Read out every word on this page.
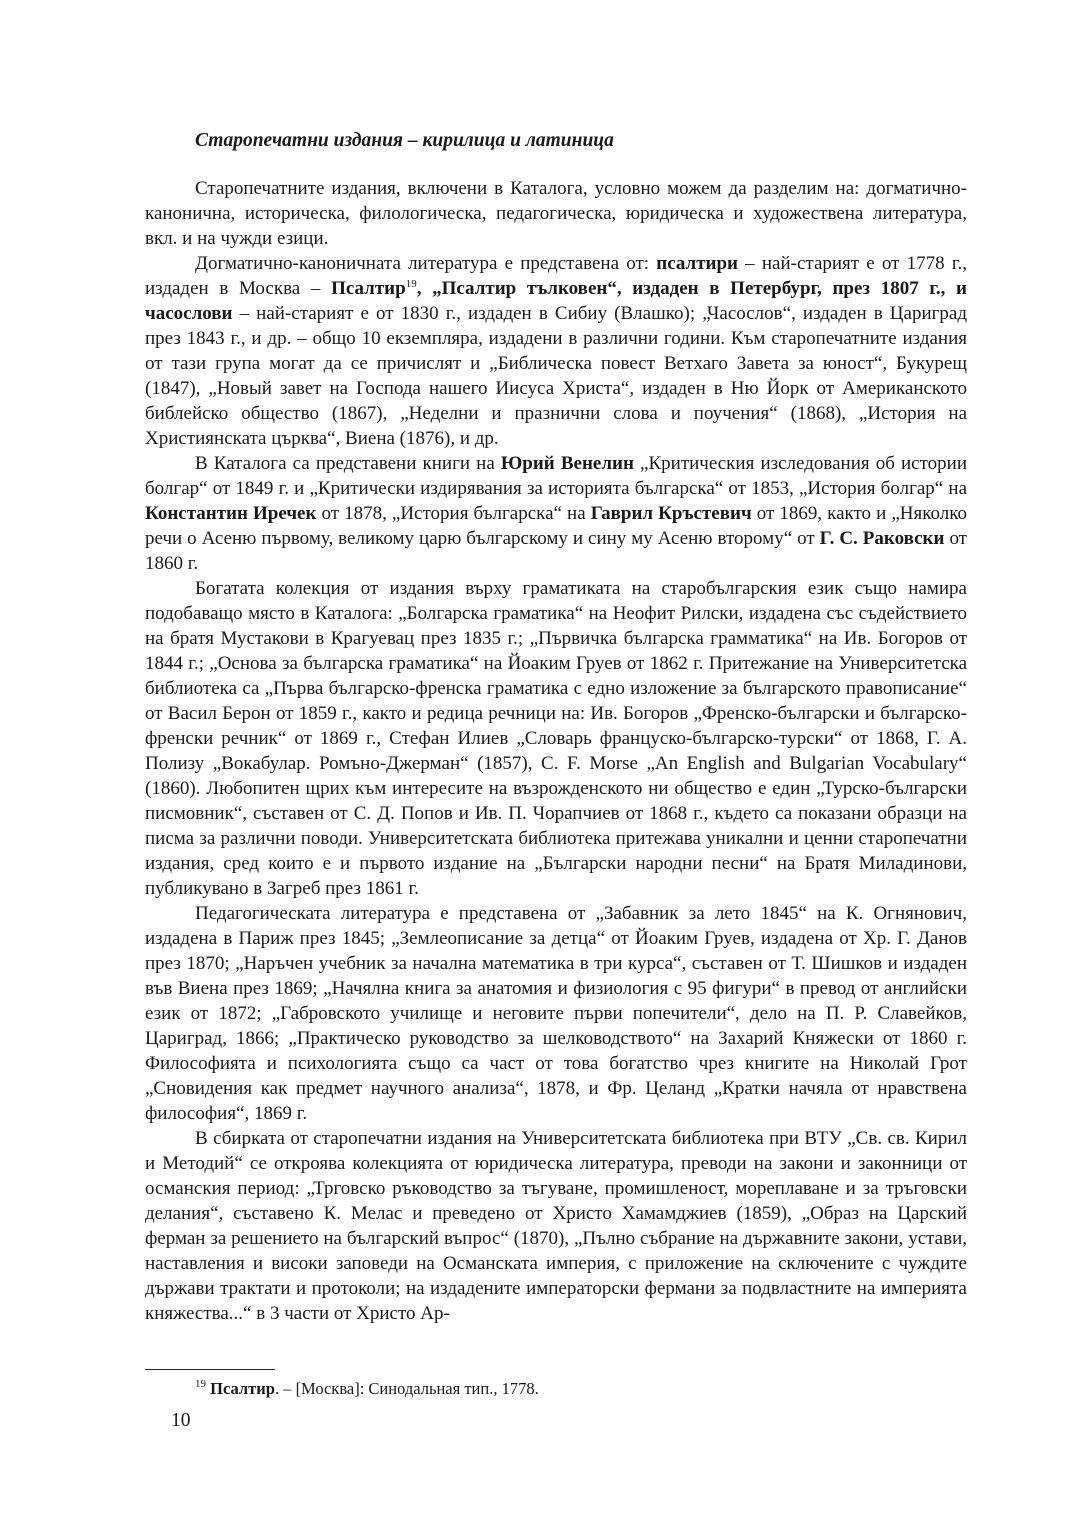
Старопечатни издания – кирилица и латиница

Старопечатните издания, включени в Каталога, условно можем да разделим на: догматично-канонична, историческа, филологическа, педагогическа, юридическа и художествена литература, вкл. и на чужди езици.

Догматично-каноничната литература е представена от: псалтири – най-старият е от 1778 г., издаден в Москва – Псалтир$^{19}$, „Псалтир тълковен“, издаден в Петербург, през 1807 г., и часослови – най-старият е от 1830 г., издаден в Сибиу (Влашко); „Часослов“, издаден в Цариград през 1843 г., и др. – общо 10 екземпляра, издадени в различни години. Към старопечатните издания от тази група могат да се причислят и „Библическа повест Ветхаго Завета за юност“, Букурещ (1847), „Новый завет на Господа нашего Иисуса Христа“, издаден в Ню Йорк от Американското библейско общество (1867), „Неделни и празнични слова и поучения“ (1868), „История на Християнската църква“, Виена (1876), и др.

В Каталога са представени книги на Юрий Венелин „Критическия изследования об истории болгар“ от 1849 г. и „Критически издирявания за историята българска“ от 1853, „История болгар“ на Константин Иречек от 1878, „История българска“ на Гаврил Кръстевич от 1869, както и „Няколко речи о Асеню първому, великому царю българскому и сину му Асеню второму“ от Г. С. Раковски от 1860 г.

Богатата колекция от издания върху граматиката на старобългарския език също намира подобаващо място в Каталога: „Болгарска граматика“ на Неофит Рилски, издадена със съдействието на братя Мустакови в Крагуевац през 1835 г.; „Първичка българска грамматика“ на Ив. Богоров от 1844 г.; „Основа за българска граматика“ на Йоаким Груев от 1862 г. Притежание на Университетска библиотека са „Първа българско-френска граматика с едно изложение за българското правописание“ от Васил Берон от 1859 г., както и редица речници на: Ив. Богоров „Френско-български и българско-френски речник“ от 1869 г., Стефан Илиев „Словарь француско-българско-турски“ от 1868, Г. А. Полизу „Вокабулар. Ромъно-Джерман“ (1857), C. F. Morse „An English and Bulgarian Vocabulary“ (1860). Любопитен щрих към интересите на възрожденското ни общество е един „Турско-български писмовник“, съставен от С. Д. Попов и Ив. П. Чорапчиев от 1868 г., където са показани образци на писма за различни поводи. Университетската библиотека притежава уникални и ценни старопечатни издания, сред които е и първото издание на „Български народни песни“ на Братя Миладинови, публикувано в Загреб през 1861 г.

Педагогическата литература е представена от „Забавник за лето 1845“ на К. Огнянович, издадена в Париж през 1845; „Землеописание за детца“ от Йоаким Груев, издадена от Хр. Г. Данов през 1870; „Наръчен учебник за начална математика в три курса“, съставен от Т. Шишков и издаден във Виена през 1869; „Начялна книга за анатомия и физиология с 95 фигури“ в превод от английски език от 1872; „Габровското училище и неговите първи попечители“, дело на П. Р. Славейков, Цариград, 1866; „Практическо руководство за шелководството“ на Захарий Княжески от 1860 г. Философията и психологията също са част от това богатство чрез книгите на Николай Грот „Сновидения как предмет научного анализа“, 1878, и Фр. Целанд „Кратки начяла от нравствена философия“, 1869 г.

В сбирката от старопечатни издания на Университетската библиотека при ВТУ „Св. св. Кирил и Методий“ се откроява колекцията от юридическа литература, преводи на закони и законници от османския период: „Трговско ръководство за тъгуване, промишленост, мореплаване и за тръговски делания“, съставено К. Мелас и преведено от Христо Хамамджиев (1859), „Образ на Царский ферман за решението на българский въпрос“ (1870), „Пълно събрание на държавните закони, устави, наставления и високи заповеди на Османската империя, с приложение на сключените с чуждите държави трактати и протоколи; на издадените императорски фермани за подвластните на империята княжества...“ в 3 части от Христо Ар-

$^{19}$ Псалтир. – [Москва]: Синодальная тип., 1778.
10
